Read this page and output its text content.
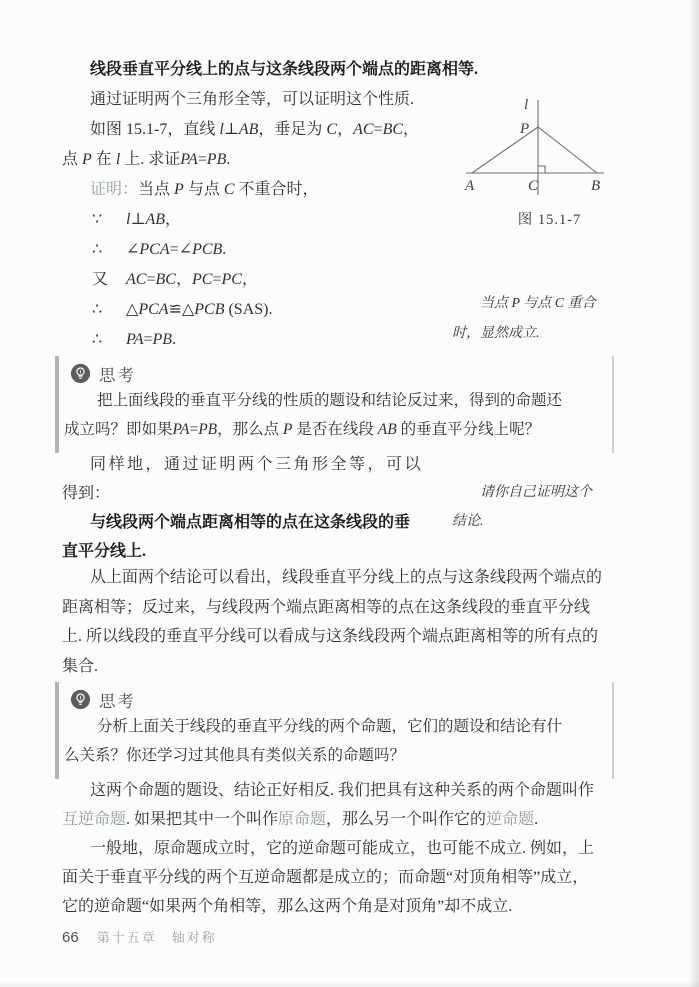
线段垂直平分线上的点与这条线段两个端点的距离相等.
通过证明两个三角形全等，可以证明这个性质.
如图 15.1-7，直线 l⊥AB，垂足为 C，AC=BC，
点 P 在 l 上. 求证PA=PB.
证明：当点 P 与点 C 不重合时，
∵ l⊥AB，
∴ ∠PCA=∠PCB.
又 AC=BC，PC=PC，
∴ △PCA≌△PCB (SAS).
∴ PA=PB.
l
P
A	C	B
图 15.1-7
当点 P 与点 C 重合
时，显然成立.
思考
把上面线段的垂直平分线的性质的题设和结论反过来，得到的命题还
成立吗？即如果PA=PB，那么点 P 是否在线段 AB 的垂直平分线上呢？
同样地，通过证明两个三角形全等，可以
得到：
与线段两个端点距离相等的点在这条线段的垂
直平分线上.
请你自己证明这个
结论.
从上面两个结论可以看出，线段垂直平分线上的点与这条线段两个端点的
距离相等；反过来，与线段两个端点距离相等的点在这条线段的垂直平分线
上. 所以线段的垂直平分线可以看成与这条线段两个端点距离相等的所有点的
集合.
思考
分析上面关于线段的垂直平分线的两个命题，它们的题设和结论有什
么关系？你还学习过其他具有类似关系的命题吗？
这两个命题的题设、结论正好相反. 我们把具有这种关系的两个命题叫作
互逆命题. 如果把其中一个叫作原命题，那么另一个叫作它的逆命题.
一般地，原命题成立时，它的逆命题可能成立，也可能不成立. 例如，上
面关于垂直平分线的两个互逆命题都是成立的；而命题“对顶角相等”成立，
它的逆命题“如果两个角相等，那么这两个角是对顶角”却不成立.
66 第十五章　轴对称
